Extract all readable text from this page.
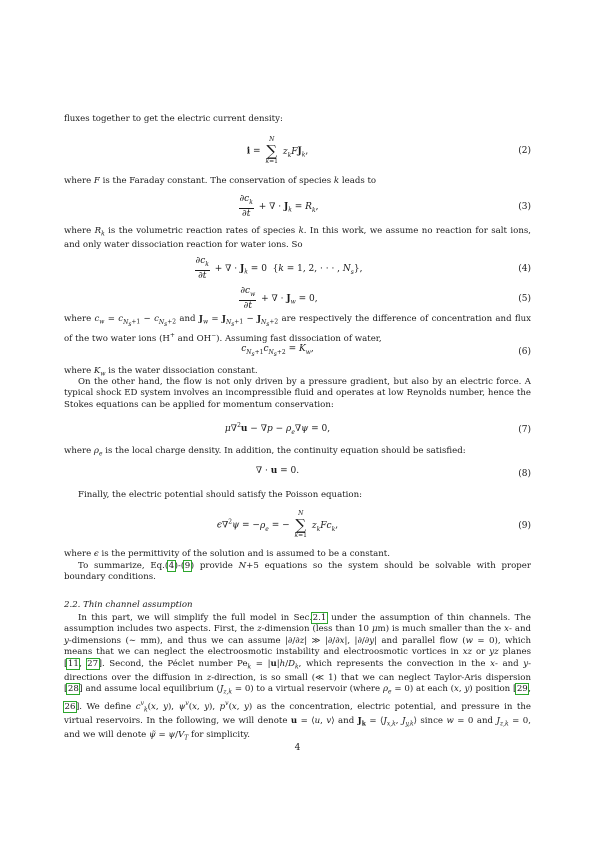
fluxes together to get the electric current density:

i =
N
∑
k=1
$z_kFJ_k$,	(2)

where F is the Faraday constant. The conservation of species k leads to

$\frac{\partial c_k}{\partial t}$ + ∇ · $J_k = R_k$,	(3)

where $R_k$ is the volumetric reaction rates of species k. In this work, we assume no reaction for salt ions, and only water dissociation reaction for water ions. So

$\frac{\partial c_k}{\partial t}$ + ∇ · $J_k = 0$  {k = 1, 2, · · · , $N_s$},	(4)
$\frac{\partial c_w}{\partial t}$ + ∇ · $J_w = 0$,	(5)

where $c_w = c_{N_s+1} - c_{N_s+2}$ and $J_w = J_{N_s+1} - J_{N_s+2}$ are respectively the difference of concentration and flux of the two water ions (H+ and OH−). Assuming fast dissociation of water,

$c_{N_s+1}c_{N_s+2} = K_w$,	(6)

where $K_w$ is the water dissociation constant.

On the other hand, the flow is not only driven by a pressure gradient, but also by an electric force. A typical shock ED system involves an incompressible fluid and operates at low Reynolds number, hence the Stokes equations can be applied for momentum conservation:

$\mu\nabla^2u - \nabla p - \rho_e\nabla\psi = 0$,	(7)

where $\rho_e$ is the local charge density. In addition, the continuity equation should be satisfied:

∇ · u = 0.	(8)

Finally, the electric potential should satisfy the Poisson equation:

$\epsilon\nabla^2\psi = -\rho_e$ = −
N
∑
k=1
$z_kFc_k$,	(9)

where ϵ is the permittivity of the solution and is assumed to be a constant.

To summarize, Eq.(4)-(9) provide N+5 equations so the system should be solvable with proper boundary conditions.

2.2. Thin channel assumption

In this part, we will simplify the full model in Sec.2.1 under the assumption of thin channels. The assumption includes two aspects. First, the z-dimension (less than 10 μm) is much smaller than the x- and y-dimensions (∼ mm), and thus we can assume |∂/∂z| ≫ |∂/∂x|, |∂/∂y| and parallel flow (w = 0), which means that we can neglect the electroosmotic instability and electroosmotic vortices in xz or yz planes [11, 27]. Second, the Péclet number $Pe_k = |u|h/D_k$, which represents the convection in the x- and y-directions over the diffusion in z-direction, is so small (≪ 1) that we can neglect Taylor-Aris dispersion [28] and assume local equilibrium $(J_{z,k} = 0)$ to a virtual reservoir (where $\rho_e = 0$) at each (x, y) position [29, 26]. We define $c^v_k(x$, y), $\psi^v(x$, y), $p^v(x$, y) as the concentration, electric potential, and pressure in the virtual reservoirs. In the following, we will denote u = ⟨u, v⟩ and $J_k$ = $⟨J_{x,k}$, $J_{y,k}⟩$ since w = 0 and $J_{z,k} = 0$, and we will denote ψ̃ = $\psi/V_T$ for simplicity.

4
